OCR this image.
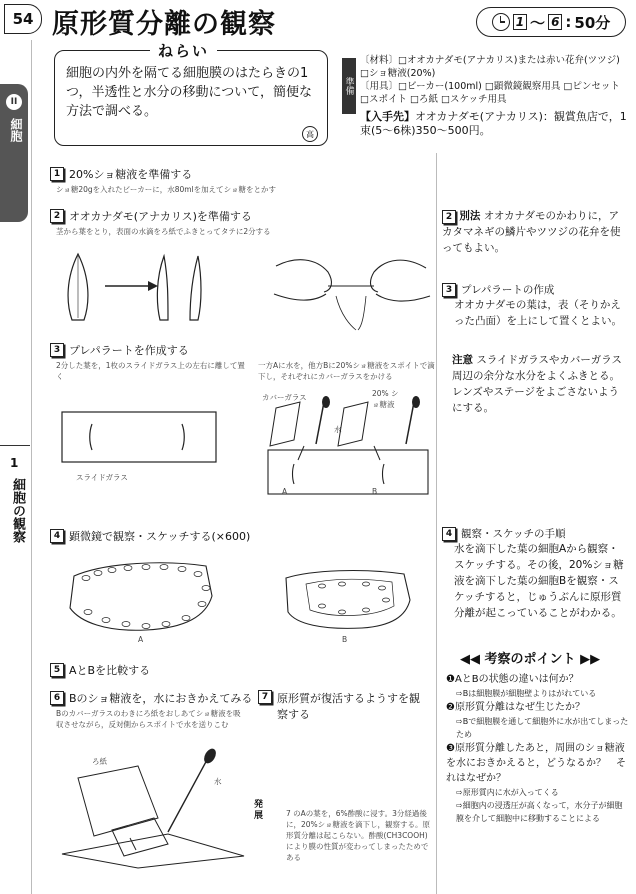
54 原形質分離の観察	1 〜 6 : 50分
ねらい
細胞の内外を隔てる細胞膜のはたらきの1つ，半透性と水分の移動について，簡便な方法で調べる。
高
準備
〔材料〕□オオカナダモ(アナカリス)または赤い花弁(ツツジ) □ショ糖液(20%)
〔用具〕□ビーカー(100ml) □顕微鏡観察用具 □ピンセット □スポイト □ろ紙 □スケッチ用具
【入手先】オオカナダモ(アナカリス)：観賞魚店で，1束(5～6株)350～500円。
II
細胞
1
細胞の観察
1 20%ショ糖液を準備する
ショ糖20gを入れたビーカーに，水80mlを加えてショ糖をとかす
2 オオカナダモ(アナカリス)を準備する
茎から葉をとり，表面の水滴をろ紙でふきとってタテに2分する
3 プレパラートを作成する
2分した葉を，1枚のスライドガラス上の左右に離して置く
一方Aに水を，他方Bに20%ショ糖液をスポイトで滴下し，それぞれにカバーガラスをかける
スライドガラス
カバーガラス
水
20% ショ糖液
A	B
4 顕微鏡で観察・スケッチする(×600)
A	B
5 AとBを比較する
6 Bのショ糖液を，水におきかえてみる
Bのカバーガラスのわきにろ紙をおしあてショ糖液を吸収させながら，反対側からスポイトで水を送りこむ
ろ紙
水
7 原形質が復活するようすを観察する
発展	7 のAの葉を，6%酢酸に浸す。3分経過後に，20%ショ糖液を滴下し，観察する。原形質分離は起こらない。酢酸(CH3COOH)により膜の性質が変わってしまったためである
2 別法 オオカナダモのかわりに，アカタマネギの鱗片やツツジの花弁を使ってもよい。
3 プレパラートの作成
オオカナダモの葉は，表（そりかえった凸面）を上にして置くとよい。
注意 スライドガラスやカバーガラス周辺の余分な水分をよくふきとる。レンズやステージをよごさないようにする。
4 観察・スケッチの手順
水を滴下した葉の細胞Aから観察・スケッチする。その後，20%ショ糖液を滴下した葉の細胞Bを観察・スケッチすると，じゅうぶんに原形質分離が起こっていることがわかる。
◀◀ 考察のポイント ▶▶
❶AとBの状態の違いは何か？
⇨Bは細胞膜が細胞壁よりはがれている
❷原形質分離はなぜ生じたか？
⇨Bで細胞膜を通して細胞外に水が出てしまったため
❸原形質分離したあと，周囲のショ糖液を水におきかえると，どうなるか？　それはなぜか？
⇨原形質内に水が入ってくる
⇨細胞内の浸透圧が高くなって，水分子が細胞膜を介して細胞中に移動することによる
